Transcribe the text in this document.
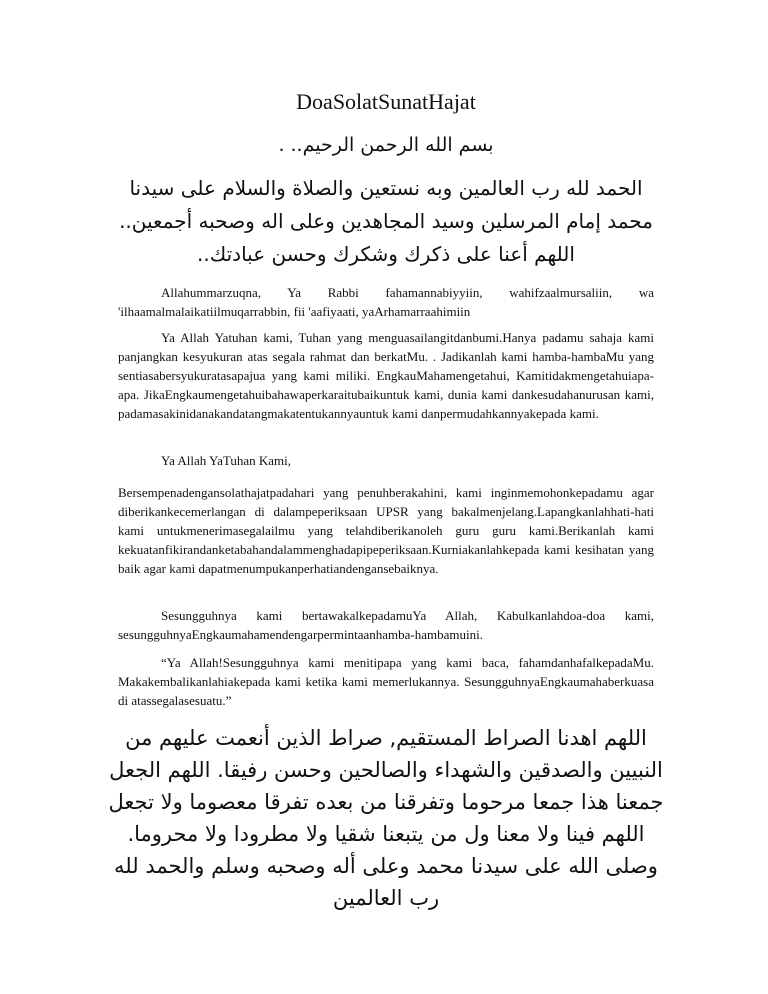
DoaSolatSunatHajat
بسم الله الرحمن الرحيم.. .
الحمد لله رب العالمين وبه نستعين والصلاة والسلام على سيدنا محمد إمام المرسلين وسيد المجاهدين وعلى اله وصحبه أجمعين.. اللهم أعنا على ذكرك وشكرك وحسن عبادتك..

Allahummarzuqna, Ya Rabbi fahamannabiyyiin, wahifzaalmursaliin, wa 'ilhaamalmalaikatiilmuqarrabbin, fii 'aafiyaati, yaArhamarraahimiin

Ya Allah Yatuhan kami, Tuhan yang menguasailangitdanbumi.Hanya padamu sahaja kami panjangkan kesyukuran atas segala rahmat dan berkatMu. . Jadikanlah kami hamba-hambaMu yang sentiasabersyukuratasapajua yang kami miliki. EngkauMahamengetahui, Kamitidakmengetahuiapa-apa. JikaEngkaumengetahuibahawaperkaraitubaikuntuk kami, dunia kami dankesudahanurusan kami, padamasakinidanakandatangmakatentukannyauntuk kami danpermudahkannyakepada kami.

Ya Allah YaTuhan Kami,

Bersempenadengansolathajatpadahari yang penuhberakahini, kami inginmemohonkepadamu agar diberikankecemerlangan di dalampeperiksaan UPSR yang bakalmenjelang.Lapangkanlahhati-hati kami untukmenerimasegalailmu yang telahdiberikanoleh guru guru kami.Berikanlah kami kekuatanfikirandanketabahandalammenghadapipeperiksaan.Kurniakanlahkepada kami kesihatan yang baik agar kami dapatmenumpukanperhatiandengansebaiknya.

Sesungguhnya kami bertawakalkepadamuYa Allah, Kabulkanlahdoa-doa kami, sesungguhnyaEngkaumahamendengarpermintaanhamba-hambamuini.

“Ya Allah!Sesungguhnya kami menitipapa yang kami baca, fahamdanhafalkepadaMu. Makakembalikanlahiakepada kami ketika kami memerlukannya. SesungguhnyaEngkaumahaberkuasa di atassegalasesuatu.”

اللهم اهدنا الصراط المستقيم, صراط الذين أنعمت عليهم من النبيين والصدقين والشهداء والصالحين وحسن رفيقا. اللهم الجعل جمعنا هذا جمعا مرحوما وتفرقنا من بعده تفرقا معصوما ولا تجعل اللهم فينا ولا معنا ول من يتبعنا شقيا ولا مطرودا ولا محروما. وصلى الله على سيدنا محمد وعلى أله وصحبه وسلم والحمد لله رب العالمين
